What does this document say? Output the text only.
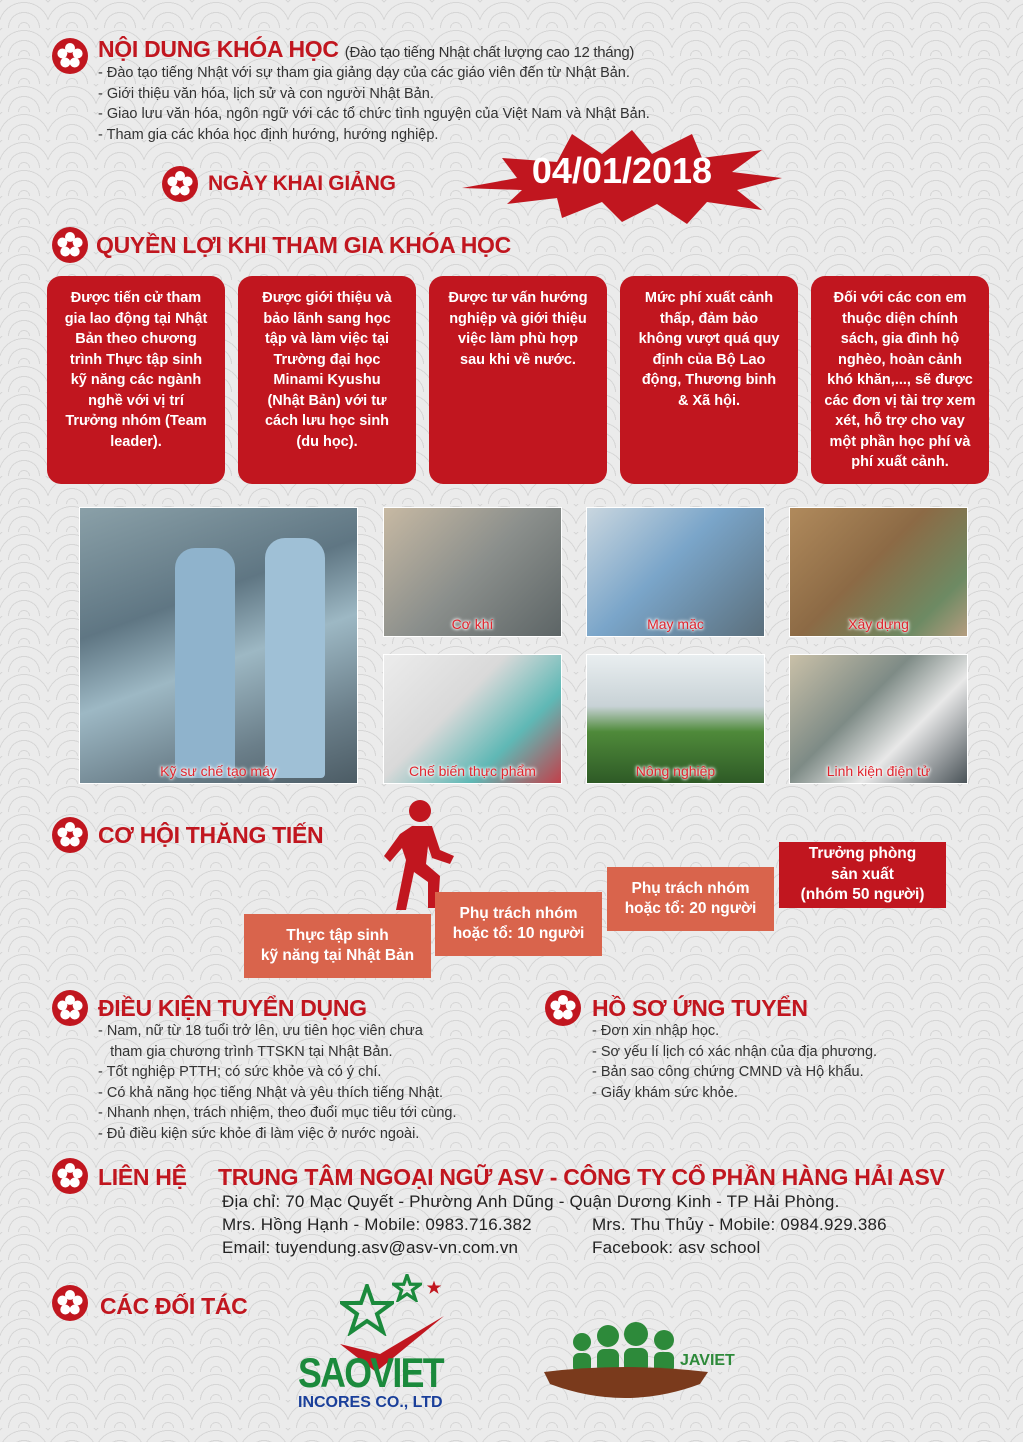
NỘI DUNG KHÓA HỌC (Đào tạo tiếng Nhật chất lượng cao 12 tháng)
- Đào tạo tiếng Nhật với sự tham gia giảng dạy của các giáo viên đến từ Nhật Bản.
- Giới thiệu văn hóa, lịch sử và con người Nhật Bản.
- Giao lưu văn hóa, ngôn ngữ với các tổ chức tình nguyện của Việt Nam và Nhật Bản.
- Tham gia các khóa học định hướng, hướng nghiệp.
NGÀY KHAI GIẢNG	04/01/2018
QUYỀN LỢI KHI THAM GIA KHÓA HỌC
Được tiến cử tham
gia lao động tại Nhật
Bản theo chương
trình Thực tập sinh
kỹ năng các ngành
nghề với vị trí
Trưởng nhóm (Team
leader).
Được giới thiệu và
bảo lãnh sang học
tập và làm việc tại
Trường đại học
Minami Kyushu
(Nhật Bản) với tư
cách lưu học sinh
(du học).
Được tư vấn hướng
nghiệp và giới thiệu
việc làm phù hợp
sau khi về nước.
Mức phí xuất cảnh
thấp, đảm bảo
không vượt quá quy
định của Bộ Lao
động, Thương binh
& Xã hội.
Đối với các con em
thuộc diện chính
sách, gia đình hộ
nghèo, hoàn cảnh
khó khăn,..., sẽ được
các đơn vị tài trợ xem
xét, hỗ trợ cho vay
một phần học phí và
phí xuất cảnh.
Kỹ sư chế tạo máy
Cơ khí	May mặc	Xây dựng
Chế biến thực phẩm	Nông nghiệp	Linh kiện điện tử
CƠ HỘI THĂNG TIẾN
Thực tập sinh
kỹ năng tại Nhật Bản
Phụ trách nhóm
hoặc tổ: 10 người
Phụ trách nhóm
hoặc tổ: 20 người
Trưởng phòng
sản xuất
(nhóm 50 người)
ĐIỀU KIỆN TUYỂN DỤNG
- Nam, nữ từ 18 tuổi trở lên, ưu tiên học viên chưa
tham gia chương trình TTSKN tại Nhật Bản.
- Tốt nghiệp PTTH; có sức khỏe và có ý chí.
- Có khả năng học tiếng Nhật và yêu thích tiếng Nhật.
- Nhanh nhẹn, trách nhiệm, theo đuổi mục tiêu tới cùng.
- Đủ điều kiện sức khỏe đi làm việc ở nước ngoài.
HỒ SƠ ỨNG TUYỂN
- Đơn xin nhập học.
- Sơ yếu lí lịch có xác nhận của địa phương.
- Bản sao công chứng CMND và Hộ khẩu.
- Giấy khám sức khỏe.
LIÊN HỆ TRUNG TÂM NGOẠI NGỮ ASV - CÔNG TY CỔ PHẦN HÀNG HẢI ASV
Địa chỉ: 70 Mạc Quyết - Phường Anh Dũng - Quận Dương Kinh - TP Hải Phòng.
Mrs. Hồng Hạnh - Mobile: 0983.716.382	Mrs. Thu Thủy - Mobile: 0984.929.386
Email: tuyendung.asv@asv-vn.com.vn	Facebook: asv school
CÁC ĐỐI TÁC
SAOVIET
INCORES CO., LTD
JAVIET
